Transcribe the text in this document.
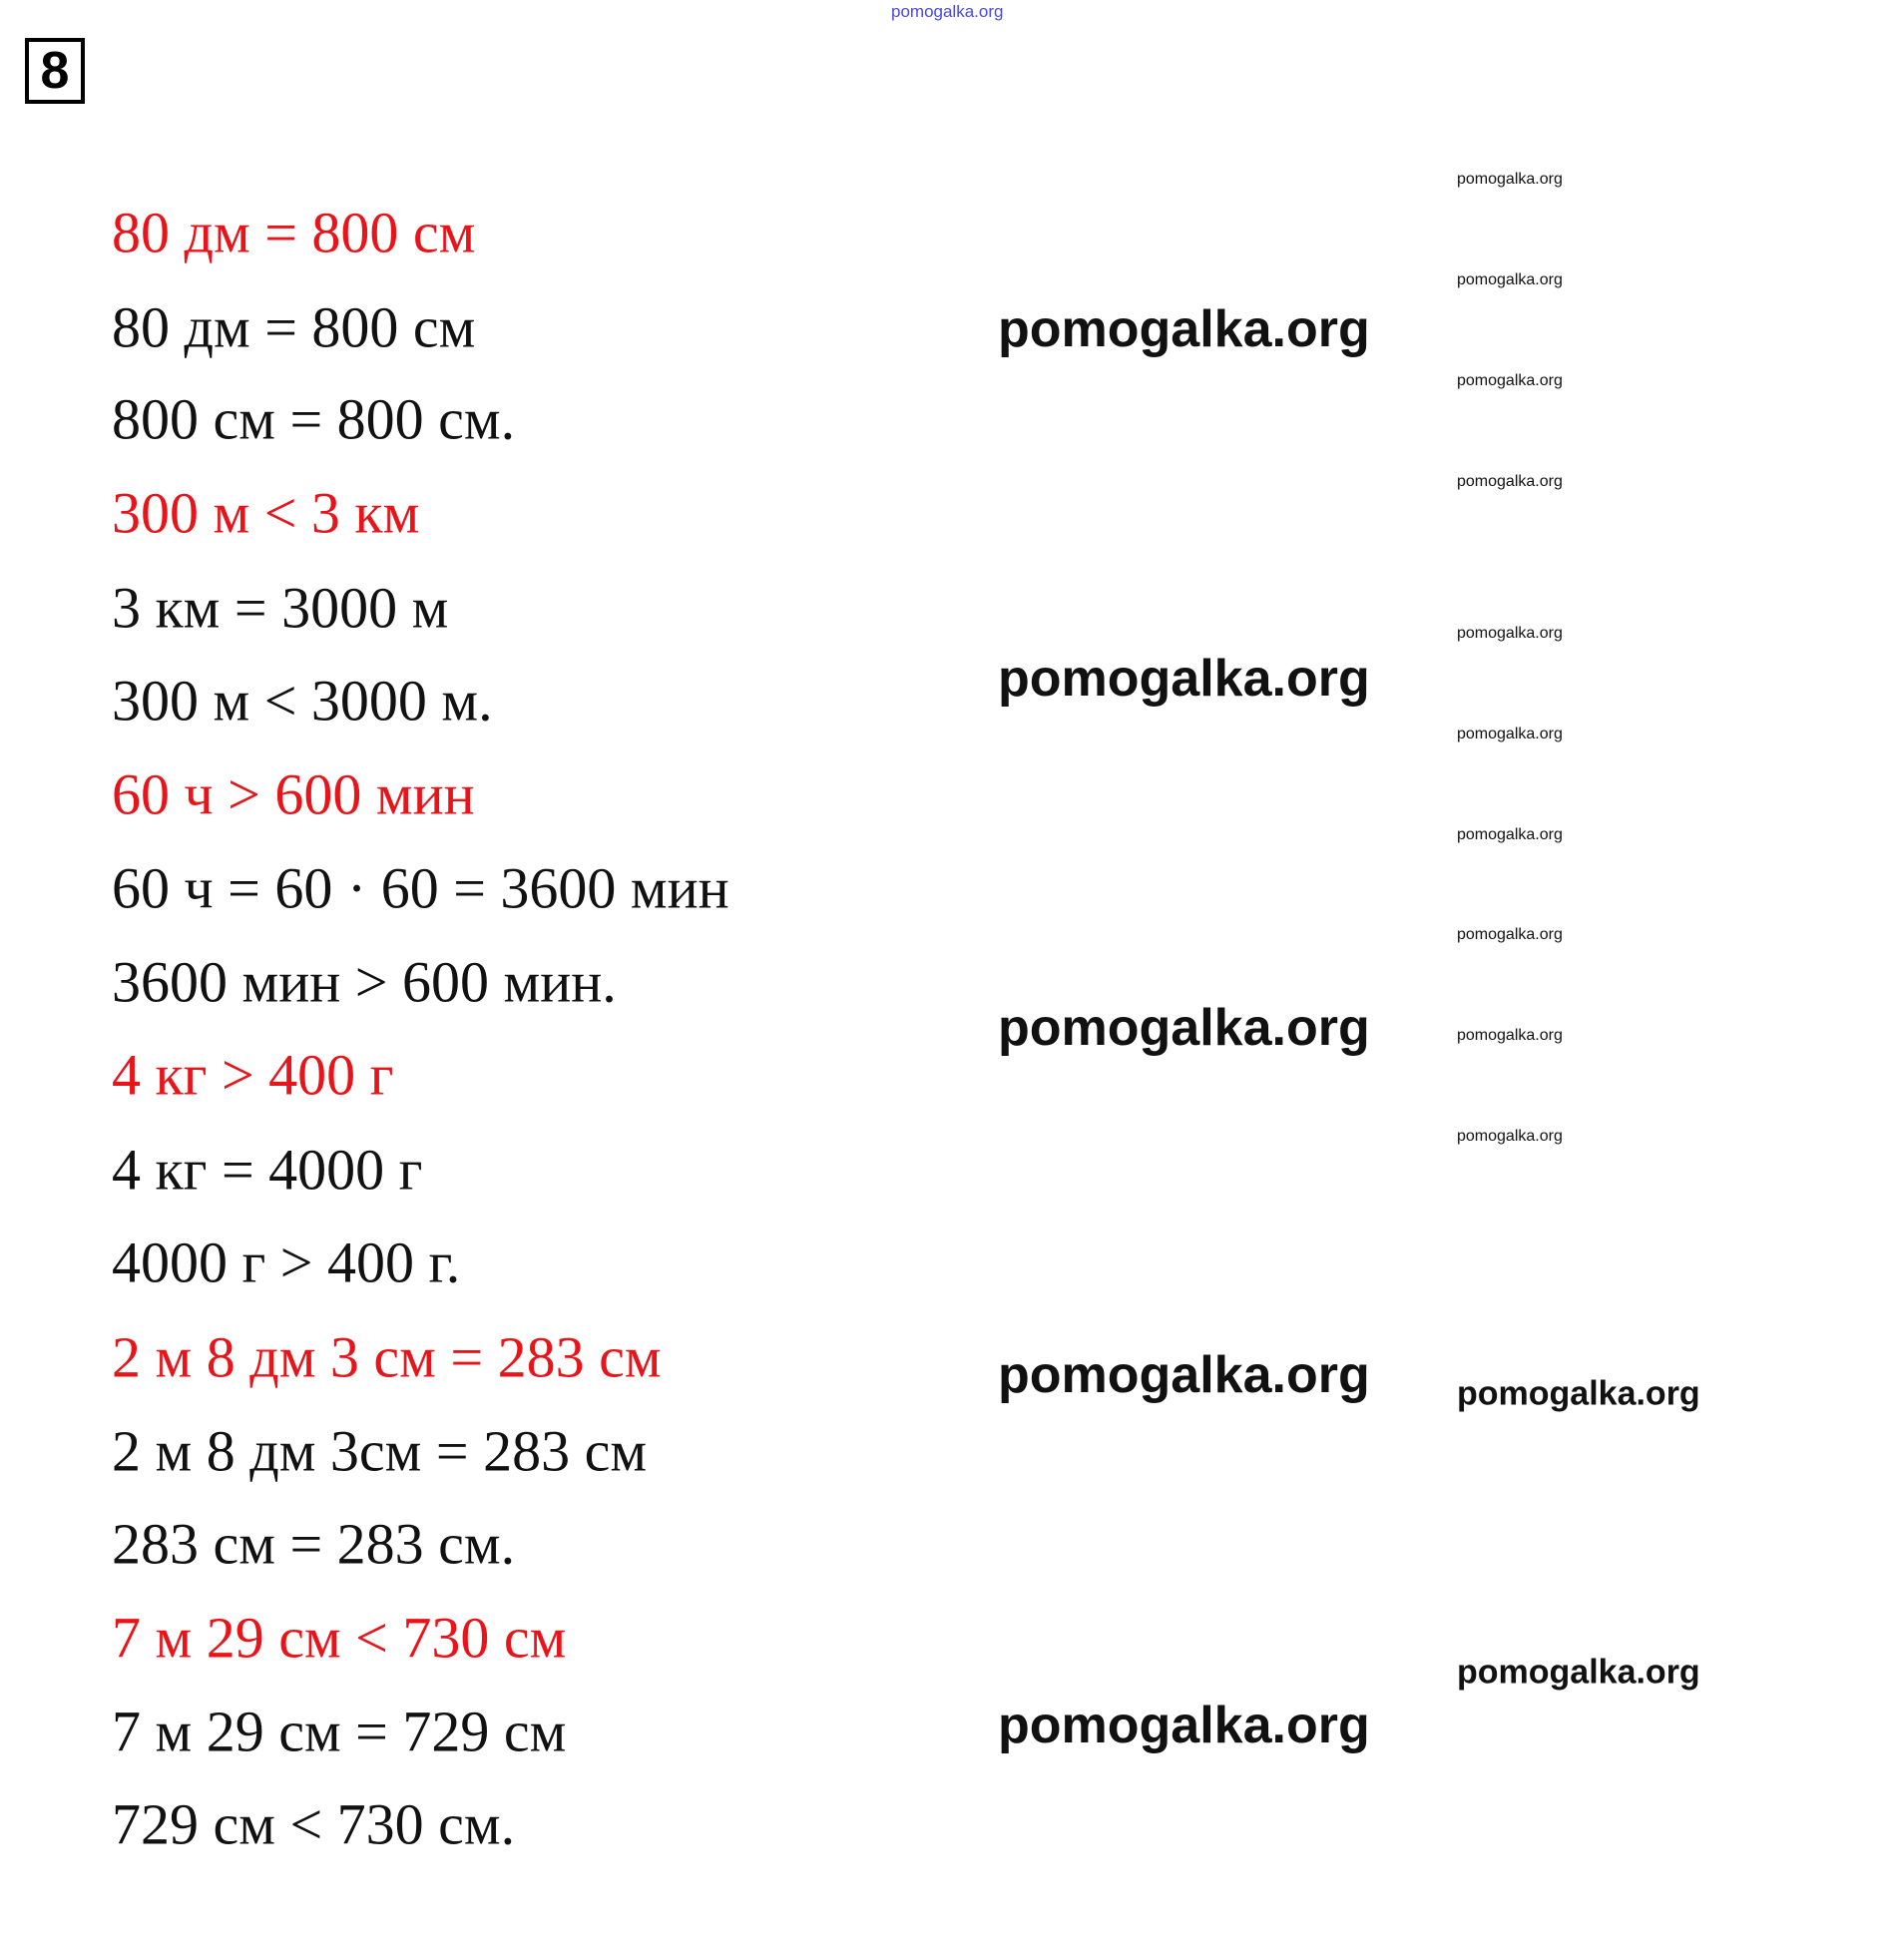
pomogalka.org
8
80 дм = 800 см
80 дм = 800 см
800 см = 800 см.
300 м < 3 км
3 км = 3000 м
300 м < 3000 м.
60 ч > 600 мин
60 ч = 60 · 60 = 3600 мин
3600 мин > 600 мин.
4 кг > 400 г
4 кг = 4000 г
4000 г > 400 г.
2 м 8 дм 3 см = 283 см
2 м 8 дм 3см = 283 см
283 см = 283 см.
7 м 29 см < 730 см
7 м 29 см = 729 см
729 см < 730 см.
pomogalka.org
pomogalka.org
pomogalka.org
pomogalka.org
pomogalka.org
pomogalka.org
pomogalka.org
pomogalka.org
pomogalka.org
pomogalka.org
pomogalka.org
pomogalka.org
pomogalka.org
pomogalka.org
pomogalka.org
pomogalka.org
pomogalka.org
